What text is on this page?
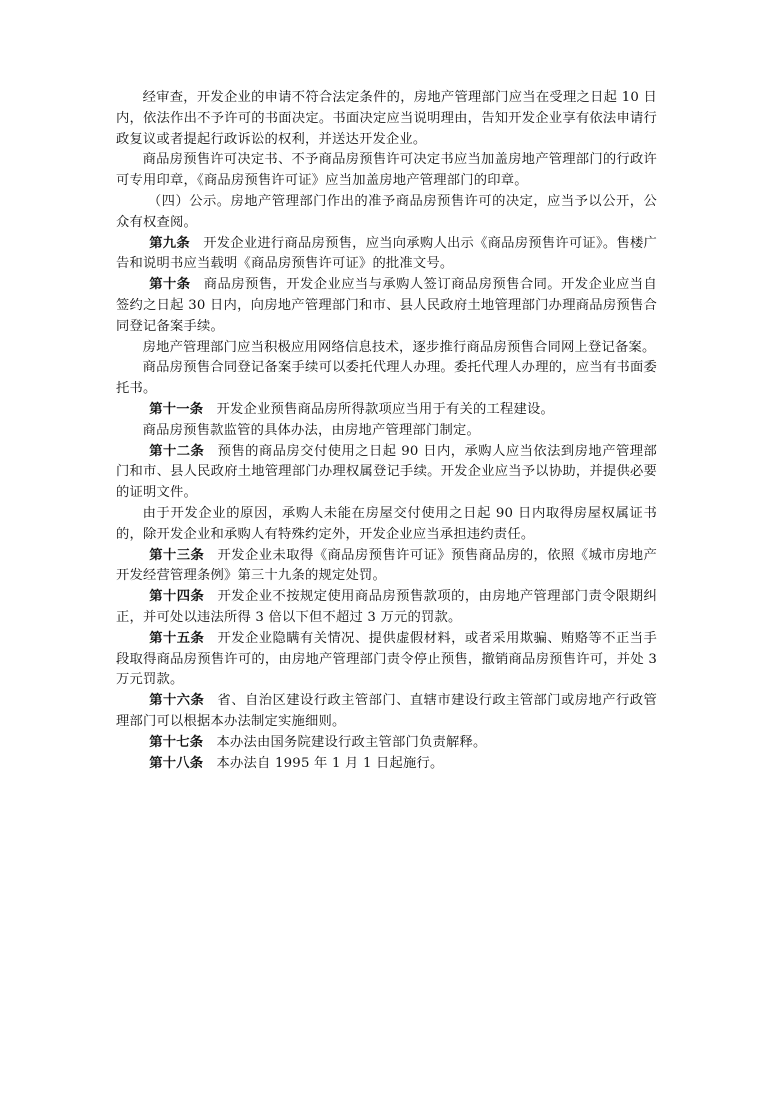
经审查，开发企业的申请不符合法定条件的，房地产管理部门应当在受理之日起 10 日内，依法作出不予许可的书面决定。书面决定应当说明理由，告知开发企业享有依法申请行政复议或者提起行政诉讼的权利，并送达开发企业。

商品房预售许可决定书、不予商品房预售许可决定书应当加盖房地产管理部门的行政许可专用印章，《商品房预售许可证》应当加盖房地产管理部门的印章。

（四）公示。房地产管理部门作出的准予商品房预售许可的决定，应当予以公开，公众有权查阅。

第九条 开发企业进行商品房预售，应当向承购人出示《商品房预售许可证》。售楼广告和说明书应当载明《商品房预售许可证》的批准文号。

第十条 商品房预售，开发企业应当与承购人签订商品房预售合同。开发企业应当自签约之日起 30 日内，向房地产管理部门和市、县人民政府土地管理部门办理商品房预售合同登记备案手续。

房地产管理部门应当积极应用网络信息技术，逐步推行商品房预售合同网上登记备案。

商品房预售合同登记备案手续可以委托代理人办理。委托代理人办理的，应当有书面委托书。

第十一条 开发企业预售商品房所得款项应当用于有关的工程建设。

商品房预售款监管的具体办法，由房地产管理部门制定。

第十二条 预售的商品房交付使用之日起 90 日内，承购人应当依法到房地产管理部门和市、县人民政府土地管理部门办理权属登记手续。开发企业应当予以协助，并提供必要的证明文件。

由于开发企业的原因，承购人未能在房屋交付使用之日起 90 日内取得房屋权属证书的，除开发企业和承购人有特殊约定外，开发企业应当承担违约责任。

第十三条 开发企业未取得《商品房预售许可证》预售商品房的，依照《城市房地产开发经营管理条例》第三十九条的规定处罚。

第十四条 开发企业不按规定使用商品房预售款项的，由房地产管理部门责令限期纠正，并可处以违法所得 3 倍以下但不超过 3 万元的罚款。

第十五条 开发企业隐瞒有关情况、提供虚假材料，或者采用欺骗、贿赂等不正当手段取得商品房预售许可的，由房地产管理部门责令停止预售，撤销商品房预售许可，并处 3 万元罚款。

第十六条 省、自治区建设行政主管部门、直辖市建设行政主管部门或房地产行政管理部门可以根据本办法制定实施细则。

第十七条 本办法由国务院建设行政主管部门负责解释。

第十八条 本办法自 1995 年 1 月 1 日起施行。
